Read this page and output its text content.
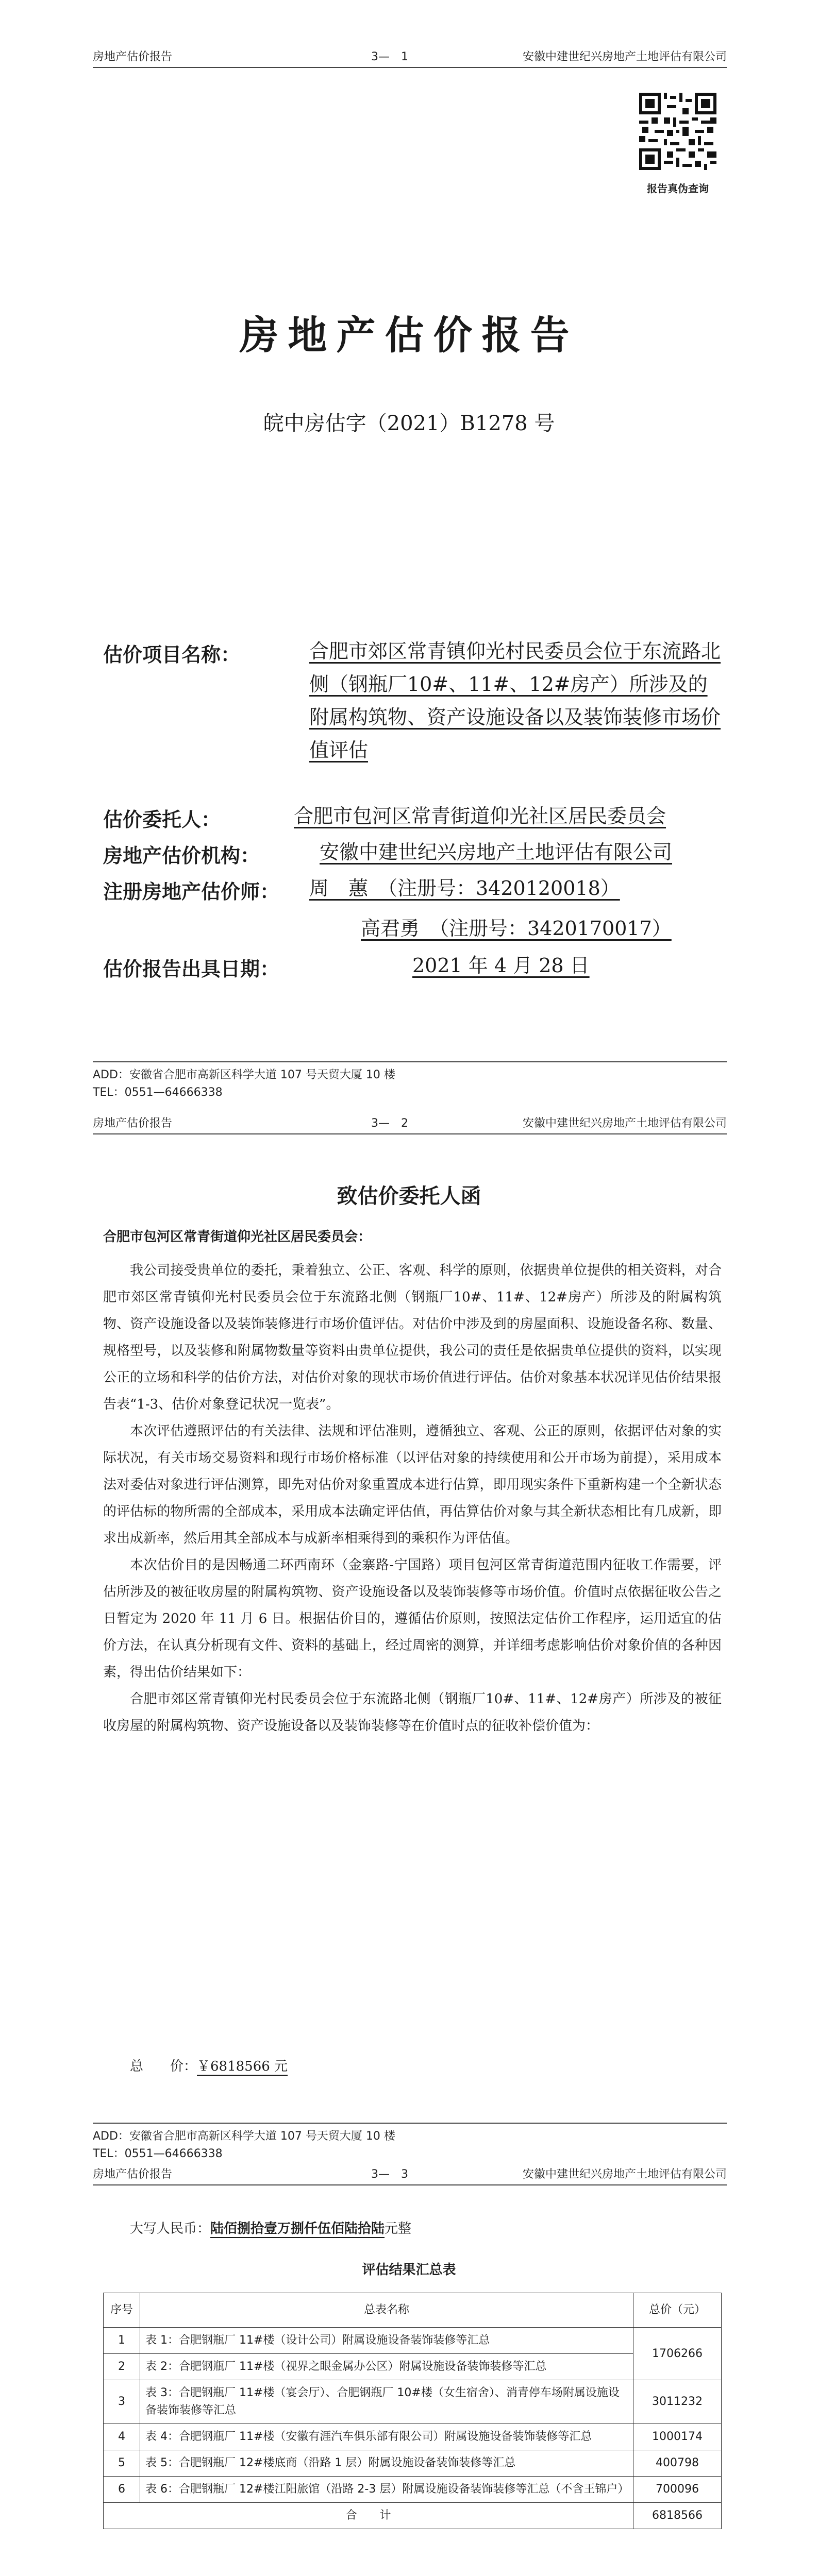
房地产估价报告	3—　1	安徽中建世纪兴房地产土地评估有限公司
报告真伪查询
房地产估价报告
皖中房估字（2021）B1278 号
估价项目名称：	合肥市郊区常青镇仰光村民委员会位于东流路北侧（钢瓶厂10#、11#、12#房产）所涉及的附属构筑物、资产设施设备以及装饰装修市场价值评估
估价委托人：	合肥市包河区常青街道仰光社区居民委员会
房地产估价机构：	安徽中建世纪兴房地产土地评估有限公司
注册房地产估价师： 周　蕙　（注册号：3420120018）
高君勇　（注册号：3420170017）
估价报告出具日期：	2021 年 4 月 28 日
ADD：安徽省合肥市高新区科学大道 107 号天贸大厦 10 楼
TEL：0551—64666338
房地产估价报告	3—　2	安徽中建世纪兴房地产土地评估有限公司
致估价委托人函
合肥市包河区常青街道仰光社区居民委员会：

我公司接受贵单位的委托，秉着独立、公正、客观、科学的原则，依据贵单位提供的相关资料，对合肥市郊区常青镇仰光村民委员会位于东流路北侧（钢瓶厂10#、11#、12#房产）所涉及的附属构筑物、资产设施设备以及装饰装修进行市场价值评估。对估价中涉及到的房屋面积、设施设备名称、数量、规格型号，以及装修和附属物数量等资料由贵单位提供，我公司的责任是依据贵单位提供的资料，以实现公正的立场和科学的估价方法，对估价对象的现状市场价值进行评估。估价对象基本状况详见估价结果报告表“1-3、估价对象登记状况一览表”。

本次评估遵照评估的有关法律、法规和评估准则，遵循独立、客观、公正的原则，依据评估对象的实际状况，有关市场交易资料和现行市场价格标准（以评估对象的持续使用和公开市场为前提），采用成本法对委估对象进行评估测算，即先对估价对象重置成本进行估算，即用现实条件下重新构建一个全新状态的评估标的物所需的全部成本，采用成本法确定评估值，再估算估价对象与其全新状态相比有几成新，即求出成新率，然后用其全部成本与成新率相乘得到的乘积作为评估值。

本次估价目的是因畅通二环西南环（金寨路-宁国路）项目包河区常青街道范围内征收工作需要，评估所涉及的被征收房屋的附属构筑物、资产设施设备以及装饰装修等市场价值。价值时点依据征收公告之日暂定为 2020 年 11 月 6 日。根据估价目的，遵循估价原则，按照法定估价工作程序，运用适宜的估价方法，在认真分析现有文件、资料的基础上，经过周密的测算，并详细考虑影响估价对象价值的各种因素，得出估价结果如下：

合肥市郊区常青镇仰光村民委员会位于东流路北侧（钢瓶厂10#、11#、12#房产）所涉及的被征收房屋的附属构筑物、资产设施设备以及装饰装修等在价值时点的征收补偿价值为：

总　　价：￥6818566 元
ADD：安徽省合肥市高新区科学大道 107 号天贸大厦 10 楼
TEL：0551—64666338
房地产估价报告	3—　3	安徽中建世纪兴房地产土地评估有限公司
大写人民币：陆佰捌拾壹万捌仟伍佰陆拾陆元整
评估结果汇总表
序号	总表名称	总价（元）
1	表 1：合肥钢瓶厂 11#楼（设计公司）附属设施设备装饰装修等汇总	1706266
2	表 2：合肥钢瓶厂 11#楼（视界之眼金属办公区）附属设施设备装饰装修等汇总	
3	表 3：合肥钢瓶厂 11#楼（宴会厅）、合肥钢瓶厂 10#楼（女生宿舍）、消青停车场附属设施设备装饰装修等汇总	3011232
4	表 4：合肥钢瓶厂 11#楼（安徽有涯汽车俱乐部有限公司）附属设施设备装饰装修等汇总	1000174
5	表 5：合肥钢瓶厂 12#楼底商（沿路 1 层）附属设施设备装饰装修等汇总	400798
6	表 6：合肥钢瓶厂 12#楼江阳旅馆（沿路 2-3 层）附属设施设备装饰装修等汇总（不含王锦户）	700096
合　　计		6818566
